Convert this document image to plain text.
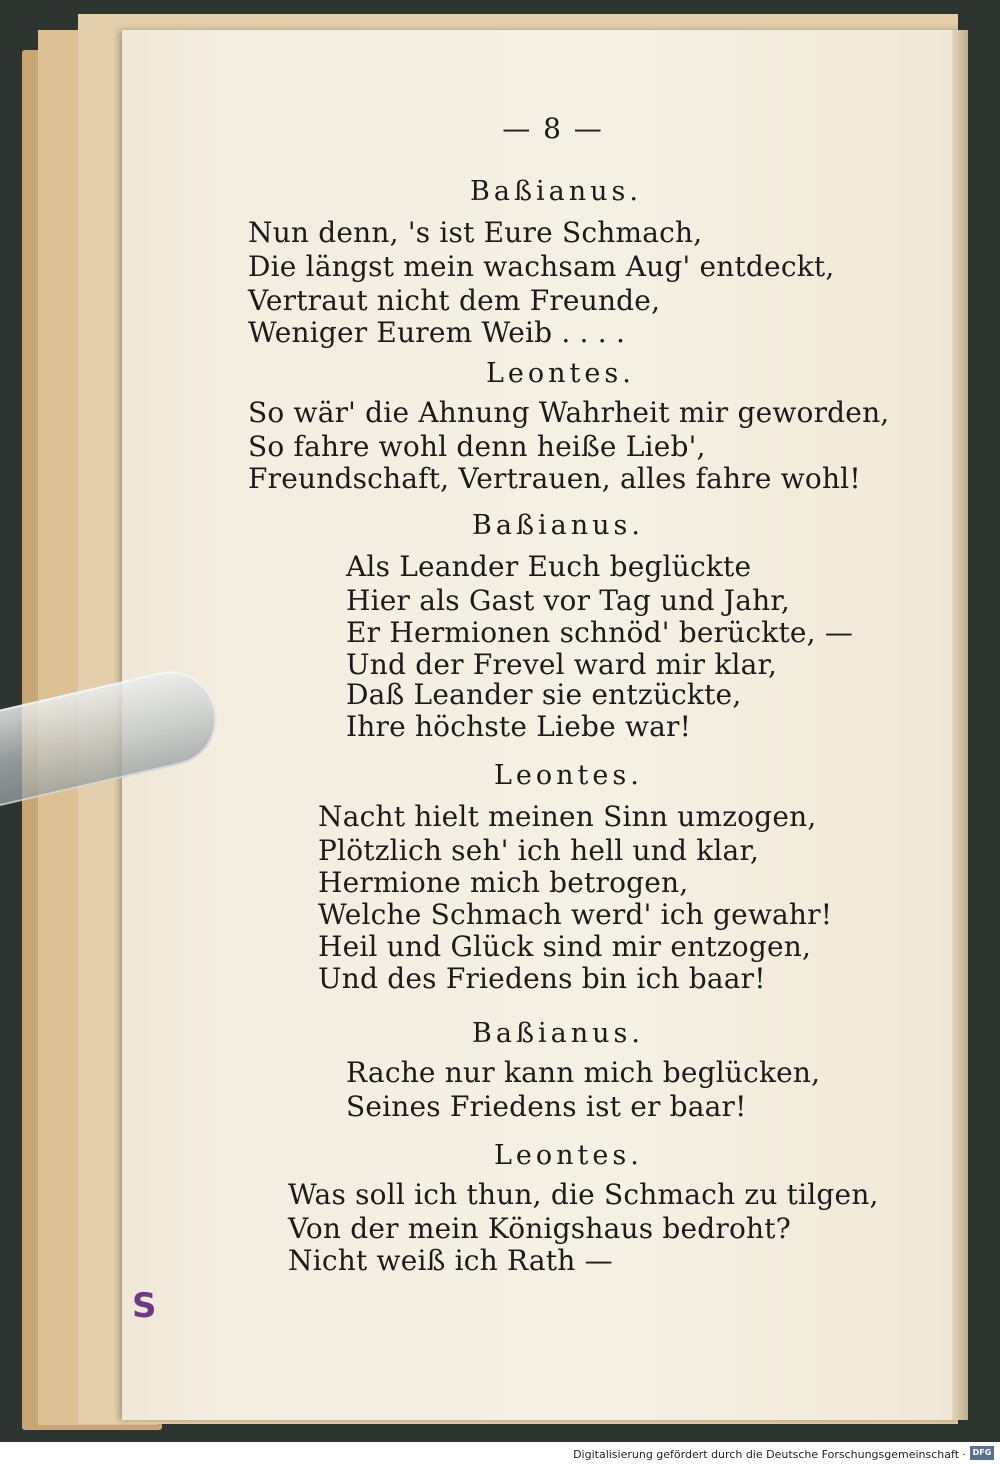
— 8 —
Baßianus.
Nun denn, 's ist Eure Schmach,
Die längst mein wachsam Aug' entdeckt,
Vertraut nicht dem Freunde,
Weniger Eurem Weib . . . .
Leontes.
So wär' die Ahnung Wahrheit mir geworden,
So fahre wohl denn heiße Lieb',
Freundschaft, Vertrauen, alles fahre wohl!
Baßianus.
Als Leander Euch beglückte
Hier als Gast vor Tag und Jahr,
Er Hermionen schnöd' berückte, —
Und der Frevel ward mir klar,
Daß Leander sie entzückte,
Ihre höchste Liebe war!
Leontes.
Nacht hielt meinen Sinn umzogen,
Plötzlich seh' ich hell und klar,
Hermione mich betrogen,
Welche Schmach werd' ich gewahr!
Heil und Glück sind mir entzogen,
Und des Friedens bin ich baar!
Baßianus.
Rache nur kann mich beglücken,
Seines Friedens ist er baar!
Leontes.
Was soll ich thun, die Schmach zu tilgen,
Von der mein Königshaus bedroht?
Nicht weiß ich Rath —
S
Digitalisierung gefördert durch die Deutsche Forschungsgemeinschaft · DFG
